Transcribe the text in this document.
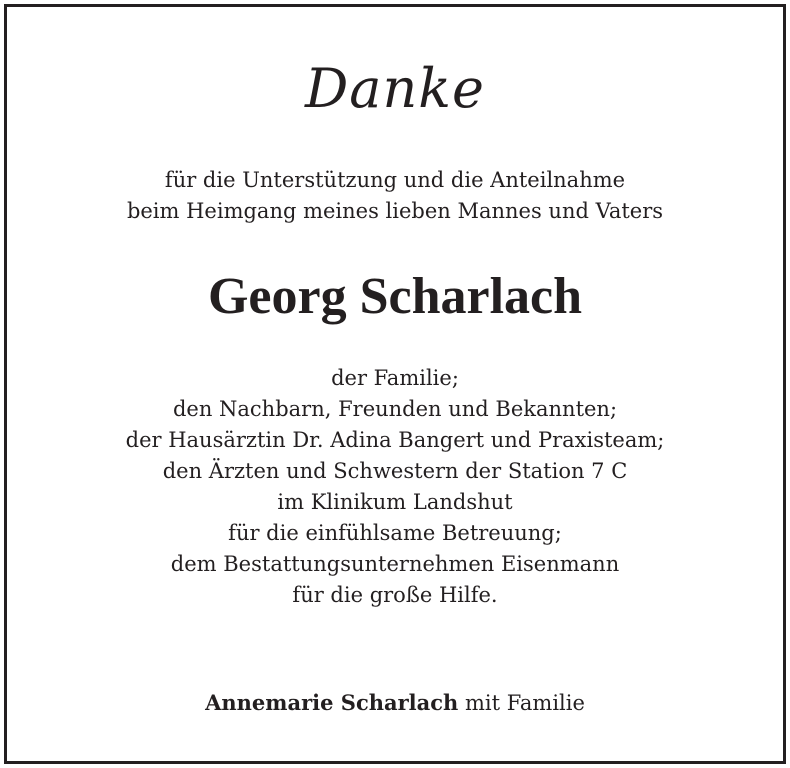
Danke
für die Unterstützung und die Anteilnahme
beim Heimgang meines lieben Mannes und Vaters
Georg Scharlach
der Familie;
den Nachbarn, Freunden und Bekannten;
der Hausärztin Dr. Adina Bangert und Praxisteam;
den Ärzten und Schwestern der Station 7 C
im Klinikum Landshut
für die einfühlsame Betreuung;
dem Bestattungsunternehmen Eisenmann
für die große Hilfe.
Annemarie Scharlach mit Familie
